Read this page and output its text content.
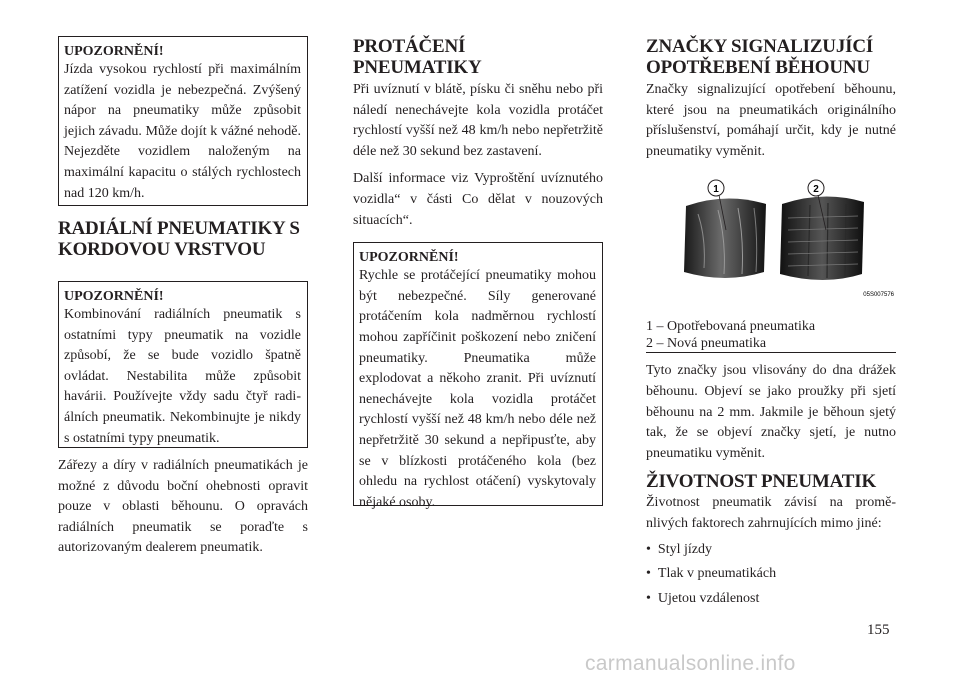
UPOZORNĚNÍ!

Jízda vysokou rychlostí při maximálním zatížení vozidla je nebezpečná. Zvýšený nápor na pneumatiky může způsobit jejich závadu. Může dojít k vážné nehodě. Nejezděte vozidlem naloženým na maximální kapacitu o stálých rychlostech nad 120 km/h.

RADIÁLNÍ PNEUMATIKY S KORDOVOU VRSTVOU
UPOZORNĚNÍ!

Kombinování radiálních pneumatik s ostatními typy pneumatik na vozidle způsobí, že se bude vozidlo špatně ovládat. Nestabilita může způsobit havárii. Používejte vždy sadu čtyř radiálních pneumatik. Nekombinujte je nikdy s ostatními typy pneumatik.

Zářezy a díry v radiálních pneumatikách je možné z důvodu boční ohebnosti opravit pouze v oblasti běhounu. O opravách radiálních pneumatik se poraďte s autorizovaným dealerem pneumatik.

PROTÁČENÍ PNEUMATIKY

Při uvíznutí v blátě, písku či sněhu nebo při náledí nenechávejte kola vozidla protáčet rychlostí vyšší než 48 km/h nebo nepřetržitě déle než 30 sekund bez zastavení.

Další informace viz Vyproštění uvíznutého vozidla“ v části Co dělat v nouzových situacích“.

UPOZORNĚNÍ!

Rychle se protáčející pneumatiky mohou být nebezpečné. Síly generované protáčením kola nadměrnou rychlostí mohou zapříčinit poškození nebo zničení pneumatiky. Pneumatika může explodovat a někoho zranit. Při uvíznutí nenechávejte kola vozidla protáčet rychlostí vyšší než 48 km/h nebo déle než nepřetržitě 30 sekund a nepřipusťte, aby se v blízkosti protáčeného kola (bez ohledu na rychlost otáčení) vyskytovaly nějaké osoby.

ZNAČKY SIGNALIZUJÍCÍ OPOTŘEBENÍ BĚHOUNU

Značky signalizující opotřebení běhounu, které jsou na pneumatikách originálního příslušenství, pomáhají určit, kdy je nutné pneumatiky vyměnit.

1	2
05S007576
1 – Opotřebovaná pneumatika
2 – Nová pneumatika

Tyto značky jsou vlisovány do dna drážek běhounu. Objeví se jako proužky při sjetí běhounu na 2 mm. Jakmile je běhoun sjetý tak, že se objeví značky sjetí, je nutno pneumatiku vyměnit.

ŽIVOTNOST PNEUMATIK

Životnost pneumatik závisí na proměnlivých faktorech zahrnujících mimo jiné:

•  Styl jízdy
•  Tlak v pneumatikách
•  Ujetou vzdálenost
155
carmanualsonline.info
